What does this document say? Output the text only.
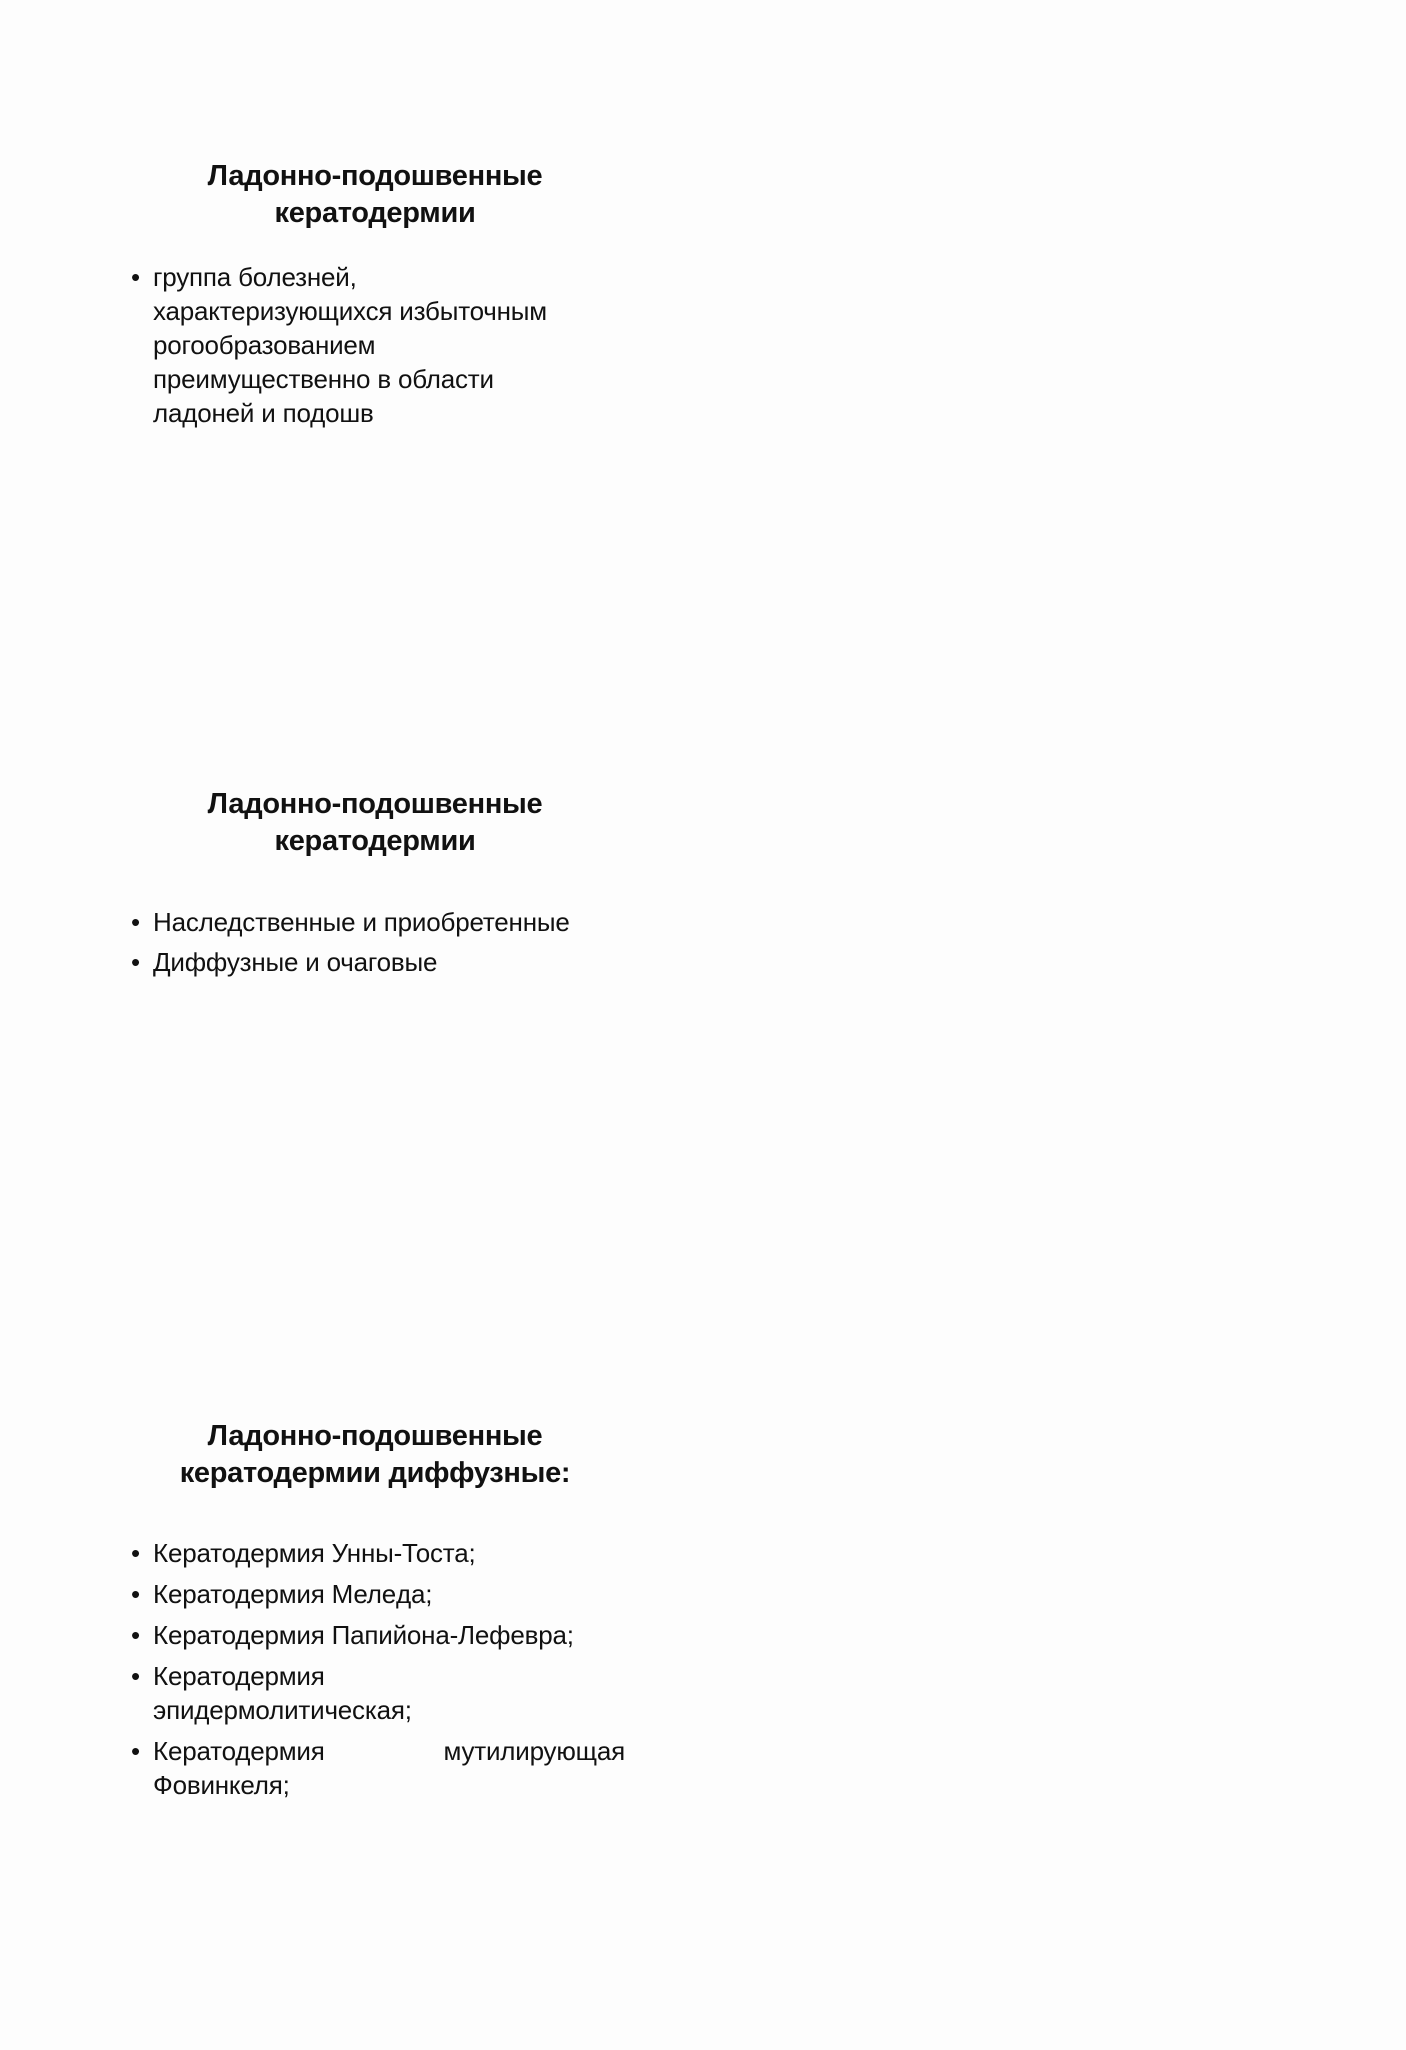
Ладонно-подошвенные
кератодермии
• группа болезней,
характеризующихся избыточным
рогообразованием
преимущественно в области
ладоней и подошв
Ладонно-подошвенные
кератодермии
• Наследственные и приобретенные
• Диффузные и очаговые
Ладонно-подошвенные
кератодермии диффузные:
• Кератодермия Унны-Тоста;
• Кератодермия Мелeда;
• Кератодермия Папийона-Лефевра;
• Кератодермия
эпидермолитическая;
• Кератодермия мутилирующая
Фовинкеля;
